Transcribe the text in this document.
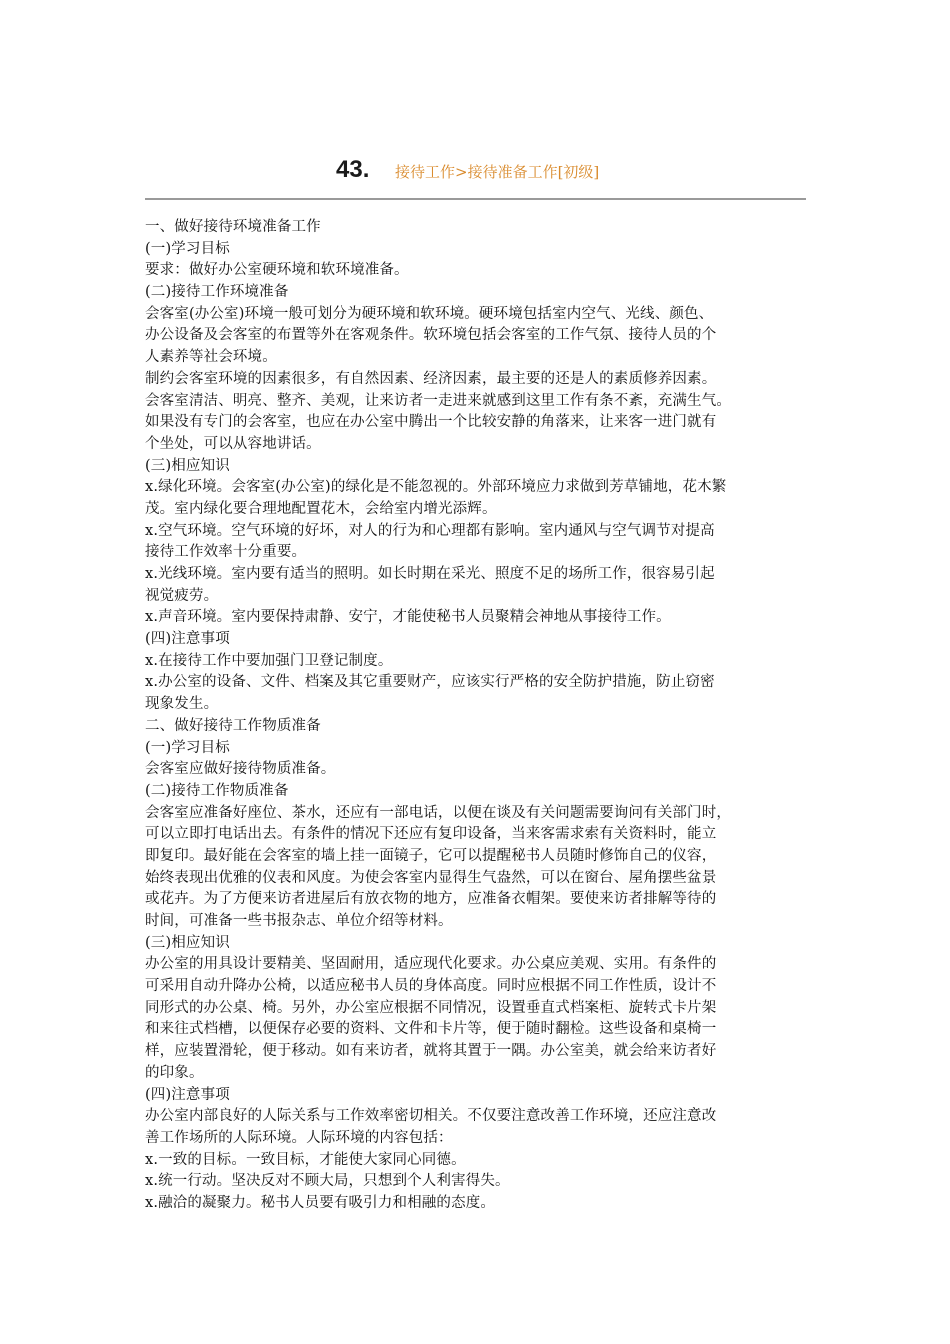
43. 接待工作>接待准备工作[初级]
一、做好接待环境准备工作
(一)学习目标
要求：做好办公室硬环境和软环境准备。
(二)接待工作环境准备
会客室(办公室)环境一般可划分为硬环境和软环境。硬环境包括室内空气、光线、颜色、
办公设备及会客室的布置等外在客观条件。软环境包括会客室的工作气氛、接待人员的个
人素养等社会环境。
制约会客室环境的因素很多，有自然因素、经济因素，最主要的还是人的素质修养因素。
会客室清洁、明亮、整齐、美观，让来访者一走进来就感到这里工作有条不紊，充满生气。
如果没有专门的会客室，也应在办公室中腾出一个比较安静的角落来，让来客一进门就有
个坐处，可以从容地讲话。
(三)相应知识
x.绿化环境。会客室(办公室)的绿化是不能忽视的。外部环境应力求做到芳草铺地，花木繁
茂。室内绿化要合理地配置花木，会给室内增光添辉。
x.空气环境。空气环境的好坏，对人的行为和心理都有影响。室内通风与空气调节对提高
接待工作效率十分重要。
x.光线环境。室内要有适当的照明。如长时期在采光、照度不足的场所工作，很容易引起
视觉疲劳。
x.声音环境。室内要保持肃静、安宁，才能使秘书人员聚精会神地从事接待工作。
(四)注意事项
x.在接待工作中要加强门卫登记制度。
x.办公室的设备、文件、档案及其它重要财产，应该实行严格的安全防护措施，防止窃密
现象发生。
二、做好接待工作物质准备
(一)学习目标
会客室应做好接待物质准备。
(二)接待工作物质准备
会客室应准备好座位、茶水，还应有一部电话，以便在谈及有关问题需要询问有关部门时，
可以立即打电话出去。有条件的情况下还应有复印设备，当来客需求索有关资料时，能立
即复印。最好能在会客室的墙上挂一面镜子，它可以提醒秘书人员随时修饰自己的仪容，
始终表现出优雅的仪表和风度。为使会客室内显得生气盎然，可以在窗台、屋角摆些盆景
或花卉。为了方便来访者进屋后有放衣物的地方，应准备衣帽架。要使来访者排解等待的
时间，可准备一些书报杂志、单位介绍等材料。
(三)相应知识
办公室的用具设计要精美、坚固耐用，适应现代化要求。办公桌应美观、实用。有条件的
可采用自动升降办公椅，以适应秘书人员的身体高度。同时应根据不同工作性质，设计不
同形式的办公桌、椅。另外，办公室应根据不同情况，设置垂直式档案柜、旋转式卡片架
和来往式档槽，以便保存必要的资料、文件和卡片等，便于随时翻检。这些设备和桌椅一
样，应装置滑轮，便于移动。如有来访者，就将其置于一隅。办公室美，就会给来访者好
的印象。
(四)注意事项
办公室内部良好的人际关系与工作效率密切相关。不仅要注意改善工作环境，还应注意改
善工作场所的人际环境。人际环境的内容包括：
x.一致的目标。一致目标，才能使大家同心同德。
x.统一行动。坚决反对不顾大局，只想到个人利害得失。
x.融洽的凝聚力。秘书人员要有吸引力和相融的态度。
